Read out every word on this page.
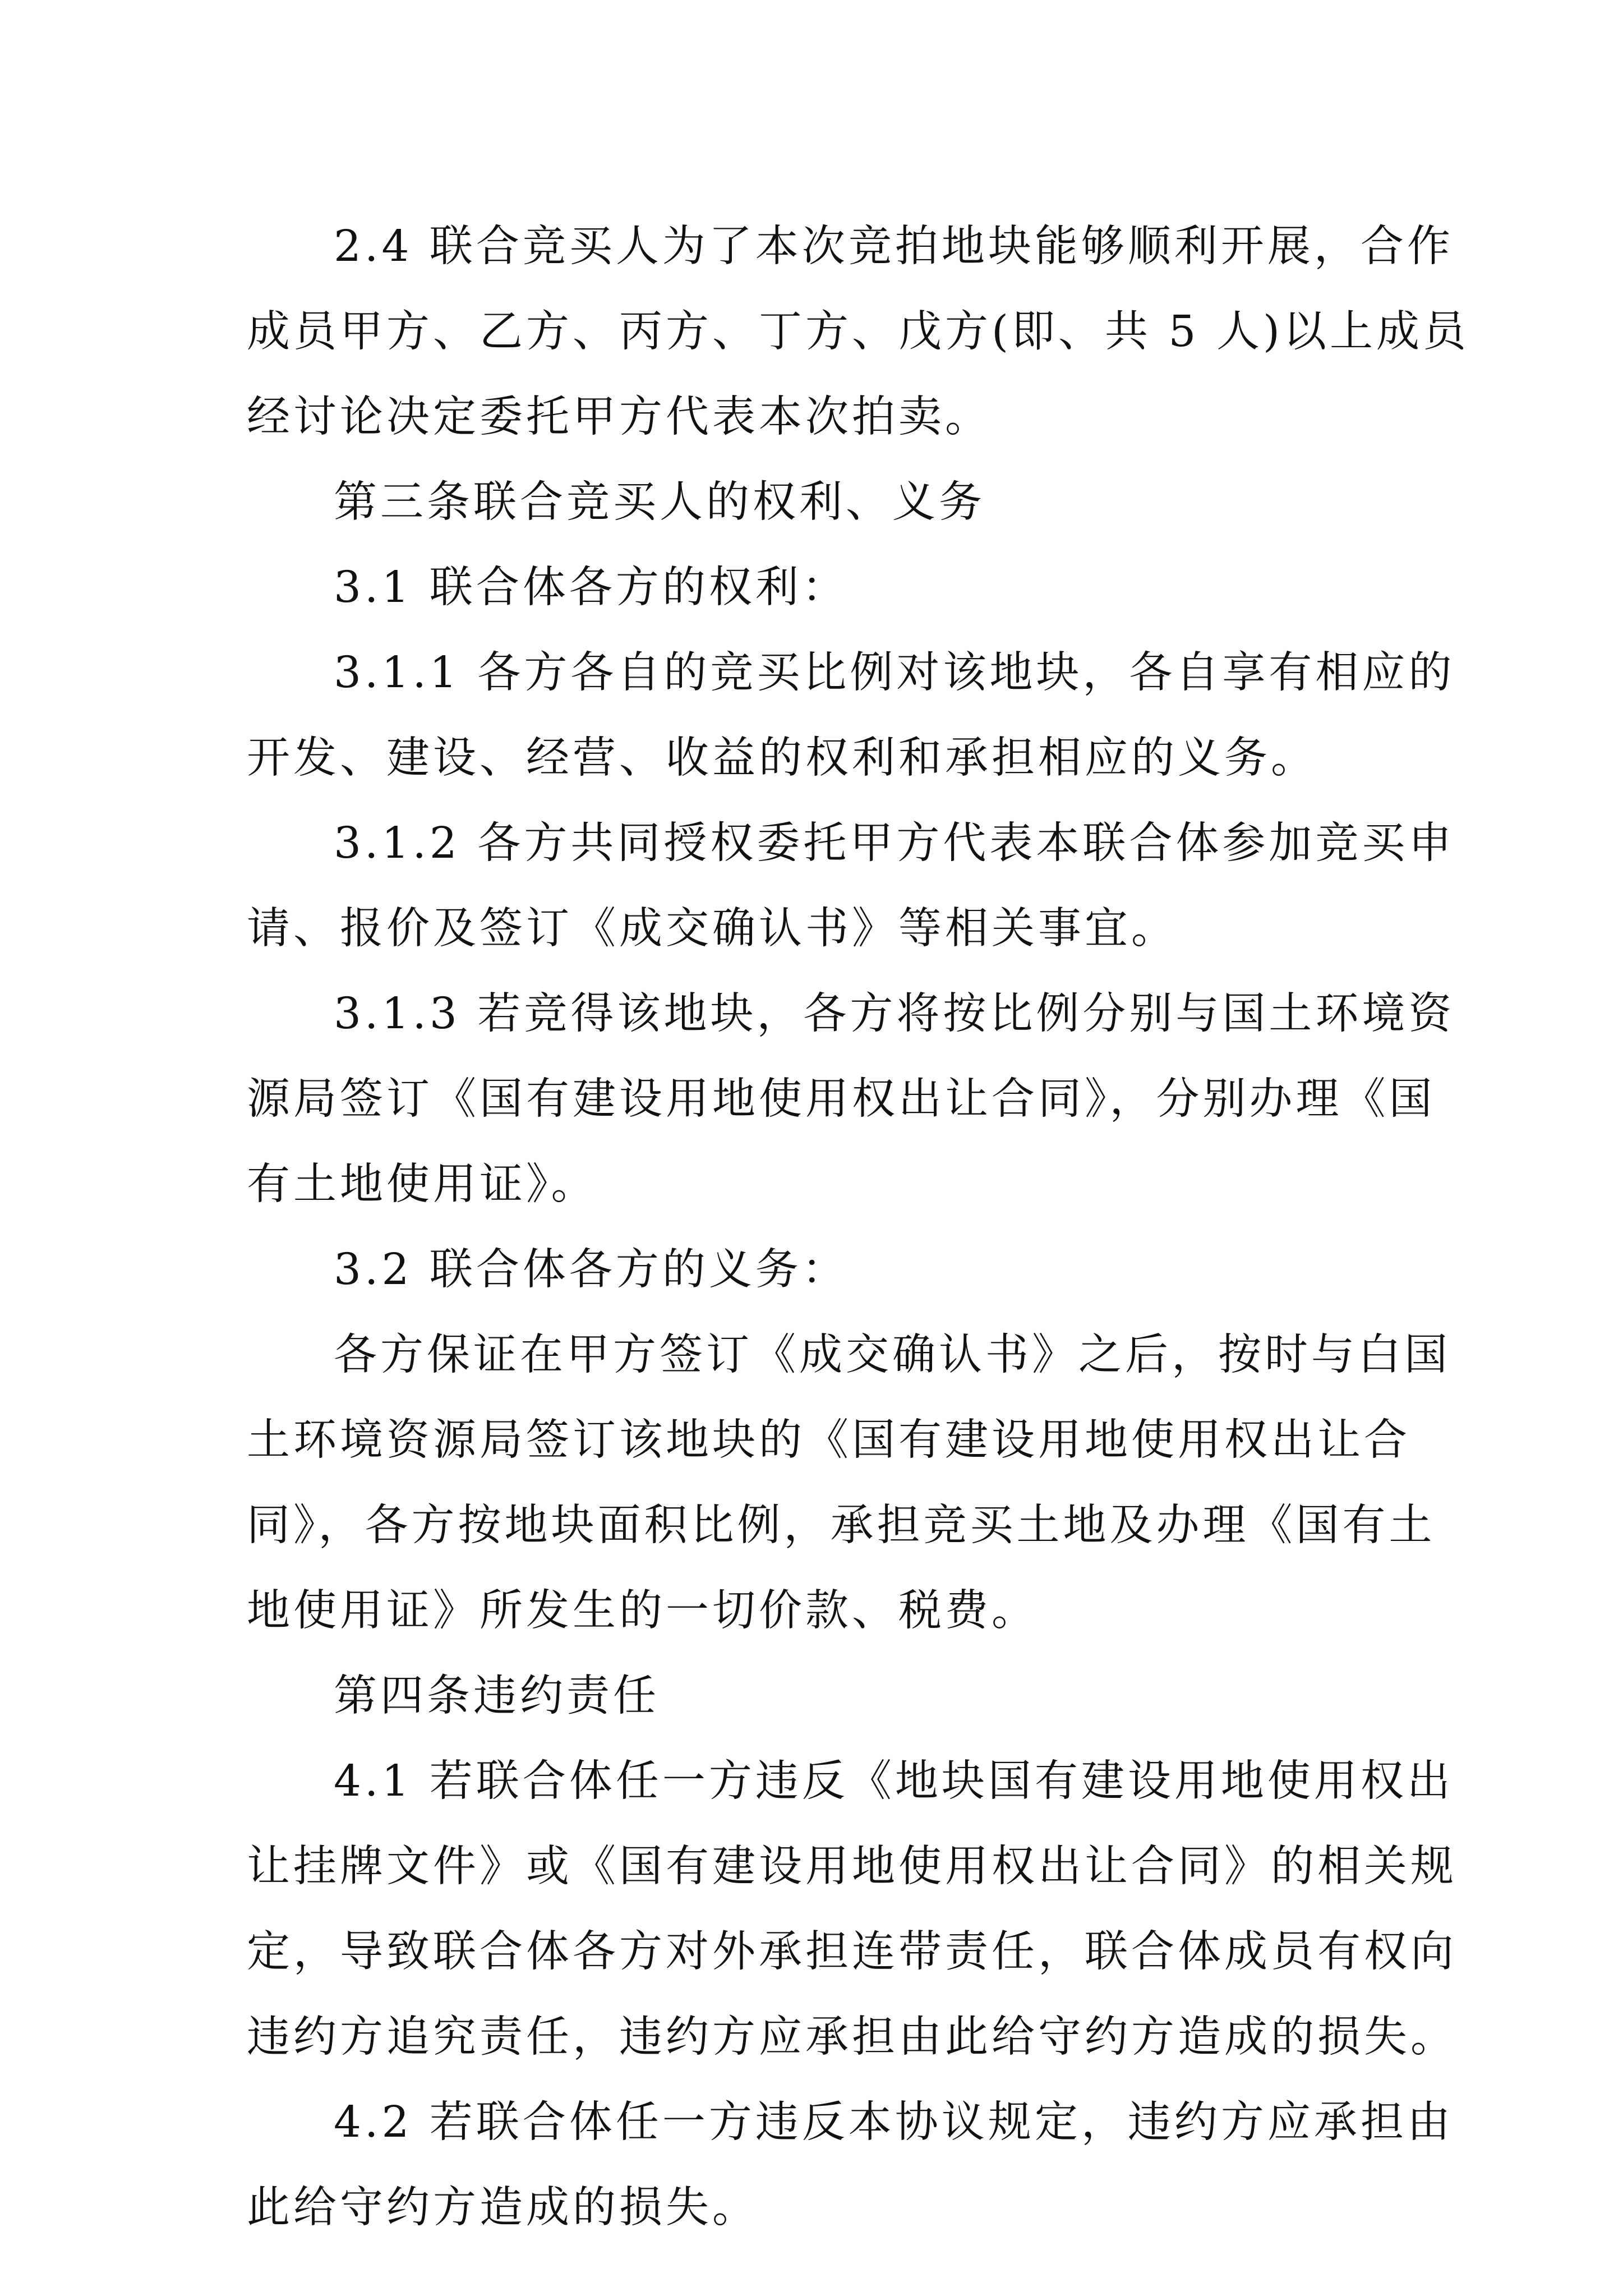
2.4 联合竞买人为了本次竞拍地块能够顺利开展，合作
成员甲方、乙方、丙方、丁方、戊方(即、共 5 人)以上成员
经讨论决定委托甲方代表本次拍卖。
第三条联合竞买人的权利、义务
3.1 联合体各方的权利：
3.1.1 各方各自的竞买比例对该地块，各自享有相应的
开发、建设、经营、收益的权利和承担相应的义务。
3.1.2 各方共同授权委托甲方代表本联合体参加竞买申
请、报价及签订《成交确认书》等相关事宜。
3.1.3 若竞得该地块，各方将按比例分别与国土环境资
源局签订《国有建设用地使用权出让合同》，分别办理《国
有土地使用证》。
3.2 联合体各方的义务：
各方保证在甲方签订《成交确认书》之后，按时与白国
土环境资源局签订该地块的《国有建设用地使用权出让合
同》，各方按地块面积比例，承担竞买土地及办理《国有土
地使用证》所发生的一切价款、税费。
第四条违约责任
4.1 若联合体任一方违反《地块国有建设用地使用权出
让挂牌文件》或《国有建设用地使用权出让合同》的相关规
定，导致联合体各方对外承担连带责任，联合体成员有权向
违约方追究责任，违约方应承担由此给守约方造成的损失。
4.2 若联合体任一方违反本协议规定，违约方应承担由
此给守约方造成的损失。
